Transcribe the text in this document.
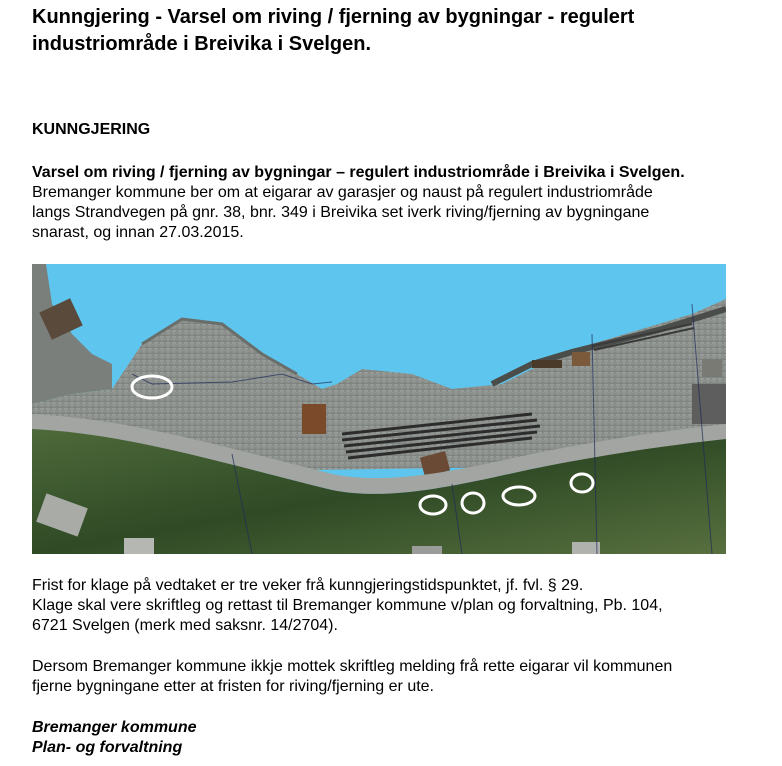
Kunngjering - Varsel om riving / fjerning av bygningar - regulert industriområde i Breivika i Svelgen.
KUNNGJERING

Varsel om riving / fjerning av bygningar – regulert industriområde i Breivika i Svelgen.

Bremanger kommune ber om at eigarar av garasjer og naust på regulert industriområde
langs Strandvegen på gnr. 38, bnr. 349 i Breivika set iverk riving/fjerning av bygningane
snarast, og innan 27.03.2015.

Frist for klage på vedtaket er tre veker frå kunngjeringstidspunktet, jf. fvl. § 29.
Klage skal vere skriftleg og rettast til Bremanger kommune v/plan og forvaltning, Pb. 104,
6721 Svelgen (merk med saksnr. 14/2704).

Dersom Bremanger kommune ikkje mottek skriftleg melding frå rette eigarar vil kommunen
fjerne bygningane etter at fristen for riving/fjerning er ute.

Bremanger kommune
Plan- og forvaltning
